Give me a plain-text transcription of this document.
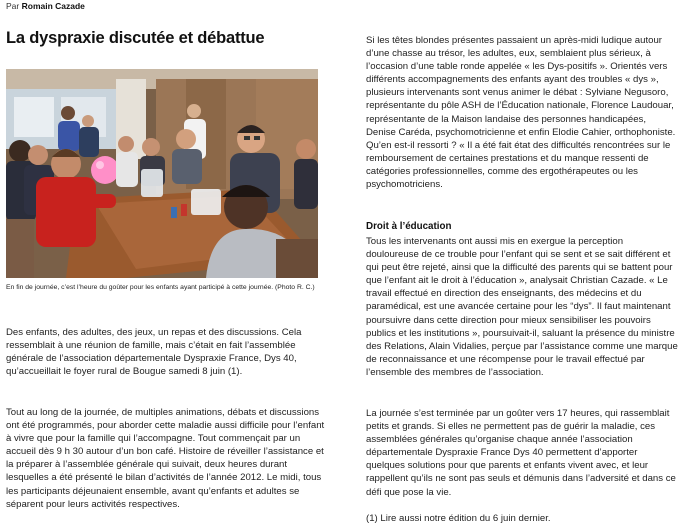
Par Romain Cazade
La dyspraxie discutée et débattue
En fin de journée, c’est l’heure du goûter pour les enfants ayant participé à cette journée. (Photo R. C.)

Des enfants, des adultes, des jeux, un repas et des discussions. Cela ressemblait à une réunion de famille, mais c’était en fait l’assemblée générale de l’association départementale Dyspraxie France, Dys 40, qu’accueillait le foyer rural de Bougue samedi 8 juin (1).

Tout au long de la journée, de multiples animations, débats et discussions ont été programmés, pour aborder cette maladie aussi difficile pour l’enfant à vivre que pour la famille qui l’accompagne. Tout commençait par un accueil dès 9 h 30 autour d’un bon café. Histoire de réveiller l’assistance et la préparer à l’assemblée générale qui suivait, deux heures durant lesquelles a été présenté le bilan d’activités de l’année 2012. Le midi, tous les participants déjeunaient ensemble, avant qu’enfants et adultes se séparent pour leurs activités respectives.

Si les têtes blondes présentes passaient un après-midi ludique autour d’une chasse au trésor, les adultes, eux, semblaient plus sérieux, à l’occasion d’une table ronde appelée « les Dys-positifs ». Orientés vers différents accompagnements des enfants ayant des troubles « dys », plusieurs intervenants sont venus animer le débat : Sylviane Negusoro, représentante du pôle ASH de l’Éducation nationale, Florence Laudouar, représentante de la Maison landaise des personnes handicapées, Denise Caréda, psychomotricienne et enfin Elodie Cahier, orthophoniste. Qu’en est-il ressorti ? « Il a été fait état des difficultés rencontrées sur le remboursement de certaines prestations et du manque ressenti de catégories professionnelles, comme des ergothérapeutes ou les psychomotriciens.

Droit à l’éducation

Tous les intervenants ont aussi mis en exergue la perception douloureuse de ce trouble pour l’enfant qui se sent et se sait différent et qui peut être rejeté, ainsi que la difficulté des parents qui se battent pour que l’enfant ait le droit à l’éducation », analysait Christian Cazade. « Le travail effectué en direction des enseignants, des médecins et du paramédical, est une avancée certaine pour les “dys”. Il faut maintenant poursuivre dans cette direction pour mieux sensibiliser les pouvoirs publics et les institutions », poursuivait-il, saluant la présence du ministre des Relations, Alain Vidalies, perçue par l’assistance comme une marque de reconnaissance et une récompense pour le travail effectué par l’ensemble des membres de l’association.

La journée s’est terminée par un goûter vers 17 heures, qui rassemblait petits et grands. Si elles ne permettent pas de guérir la maladie, ces assemblées générales qu’organise chaque année l’association départementale Dyspraxie France Dys 40 permettent d’apporter quelques solutions pour que parents et enfants vivent avec, et leur rappellent qu’ils ne sont pas seuls et démunis dans l’adversité et dans ce défi que pose la vie.

(1) Lire aussi notre édition du 6 juin dernier.
